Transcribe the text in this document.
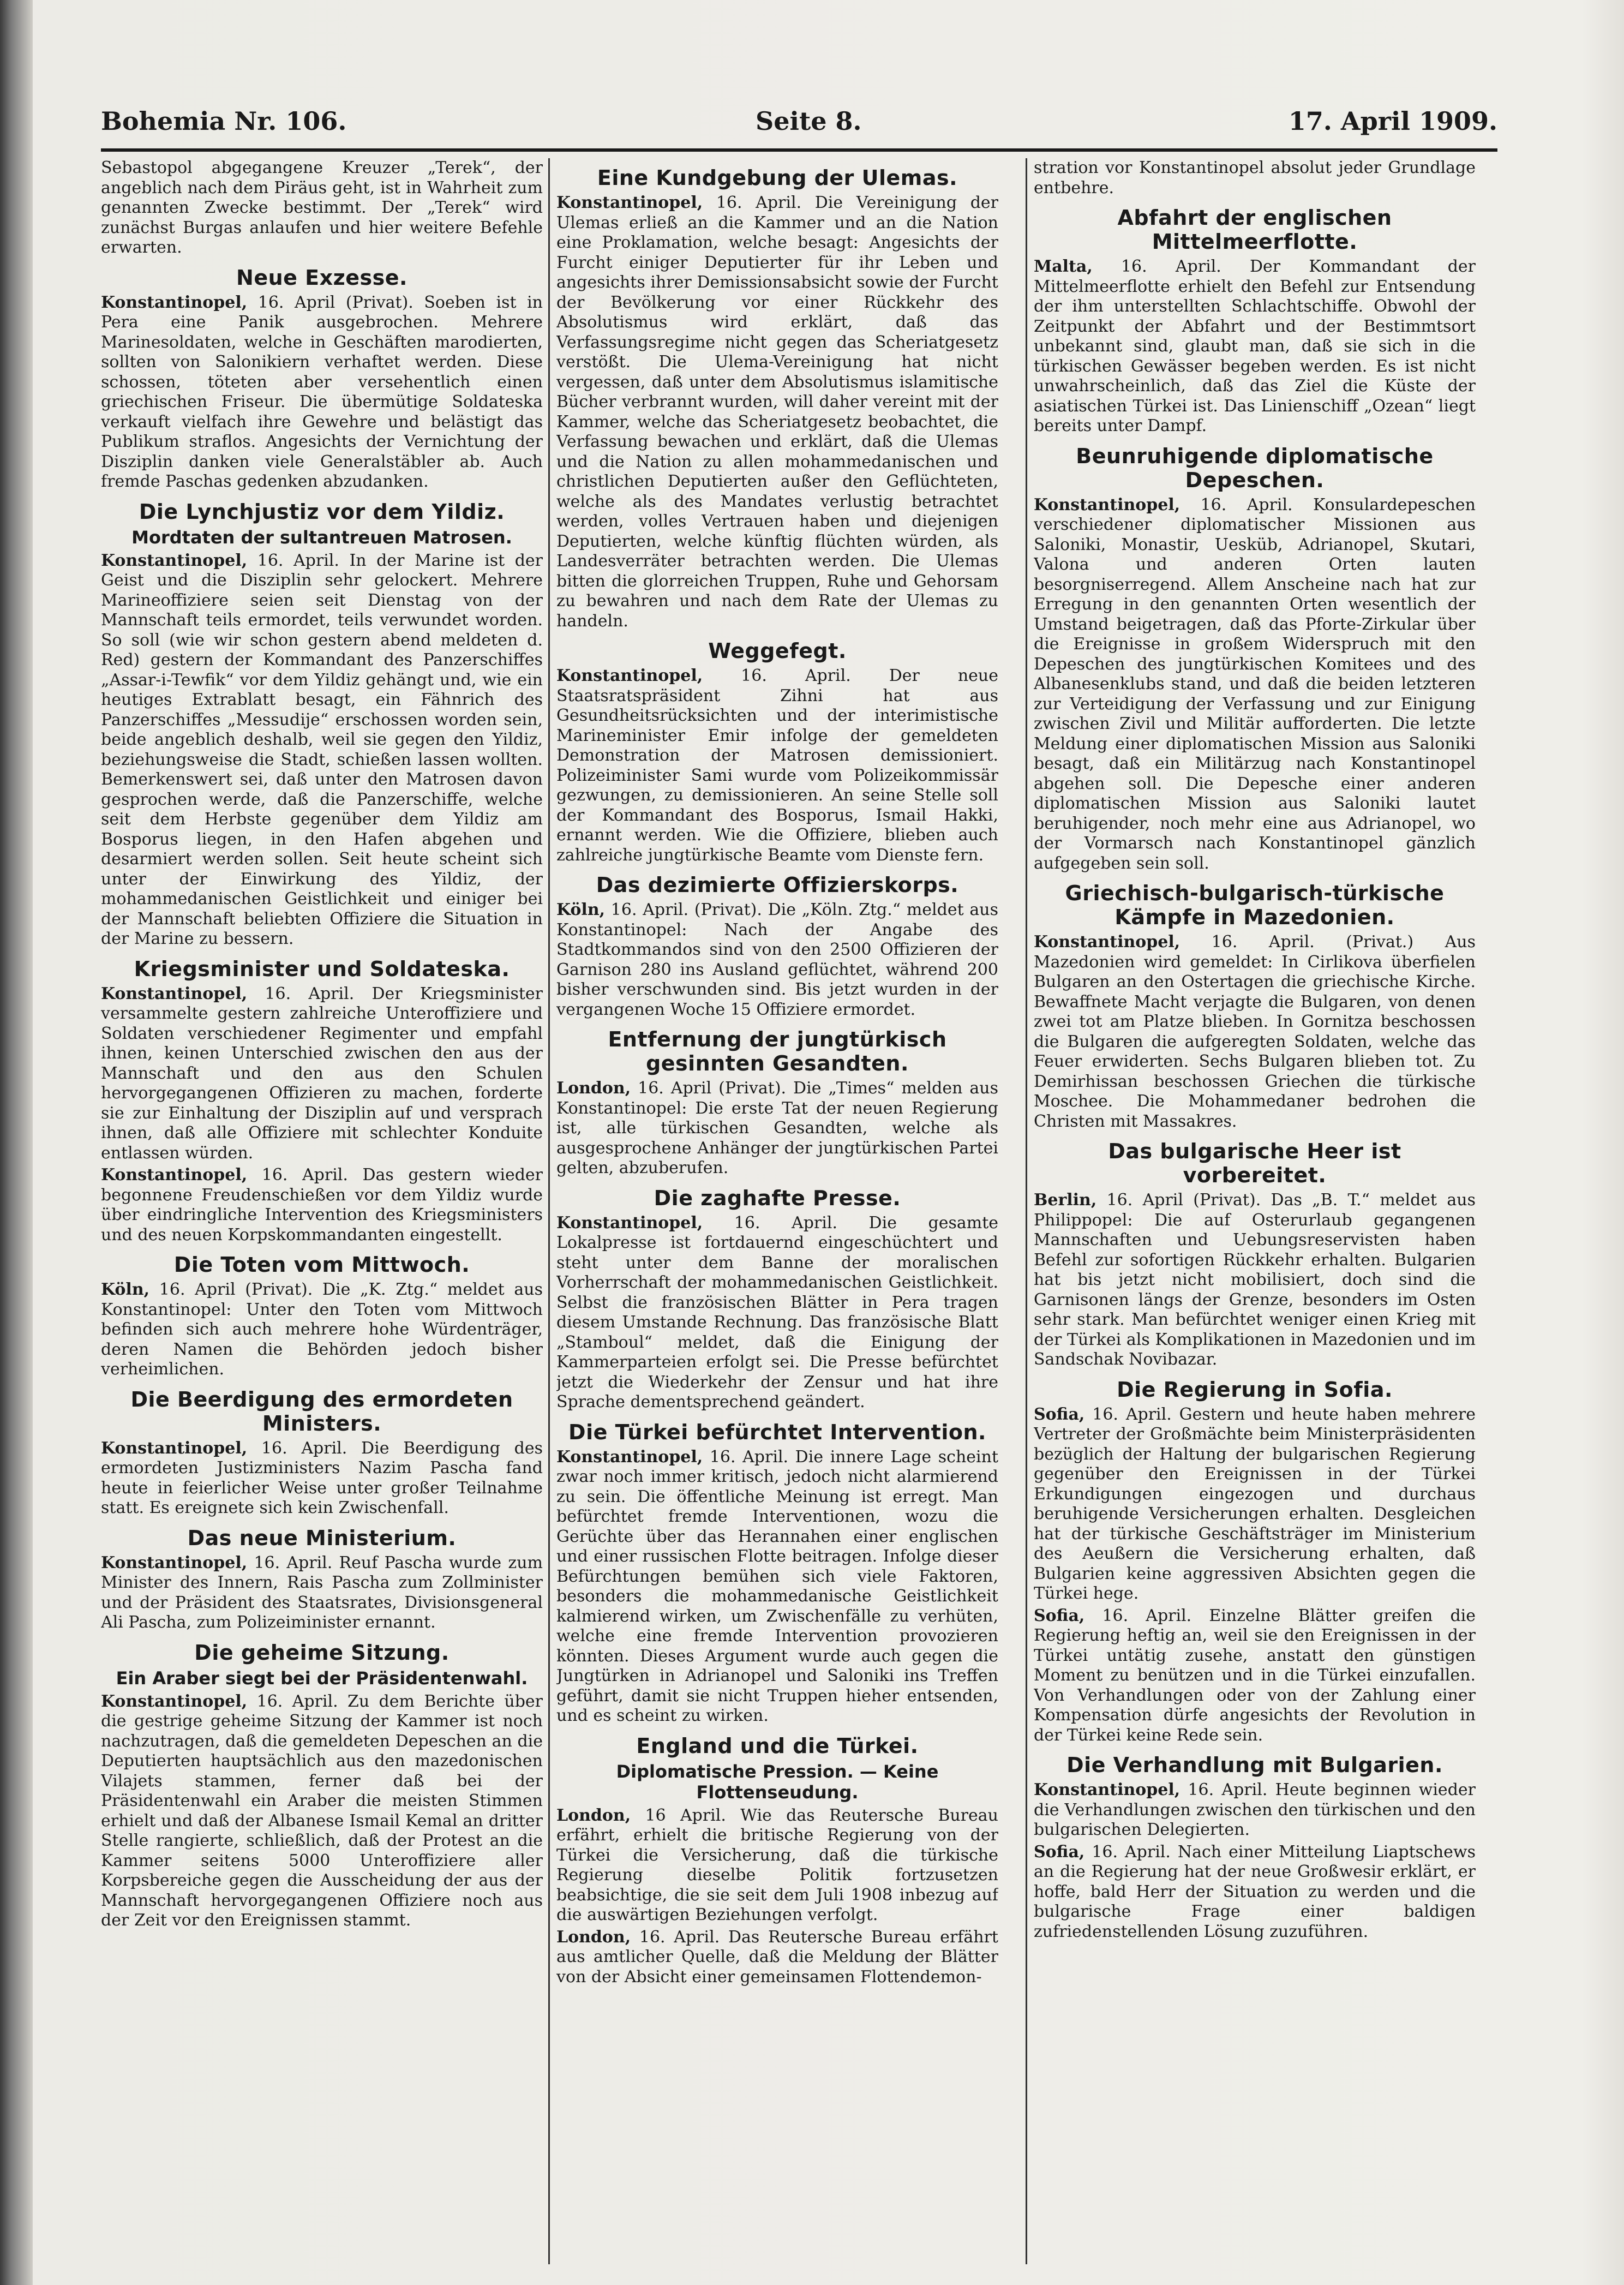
Bohemia Nr. 106.	Seite 8.	17. April 1909.

Sebastopol abgegangene Kreuzer „Terek“, der angeblich nach dem Piräus geht, ist in Wahrheit zum genannten Zwecke bestimmt. Der „Terek“ wird zunächst Burgas anlaufen und hier weitere Befehle erwarten.

Neue Exzesse.

Konstantinopel, 16. April (Privat). Soeben ist in Pera eine Panik ausgebrochen. Mehrere Marinesoldaten, welche in Geschäften marodierten, sollten von Salonikiern verhaftet werden. Diese schossen, töteten aber versehentlich einen griechischen Friseur. Die übermütige Soldateska verkauft vielfach ihre Gewehre und belästigt das Publikum straflos. Angesichts der Vernichtung der Disziplin danken viele Generalstäbler ab. Auch fremde Paschas gedenken abzudanken.

Die Lynchjustiz vor dem Yildiz.
Mordtaten der sultantreuen Matrosen.

Konstantinopel, 16. April. In der Marine ist der Geist und die Disziplin sehr gelockert. Mehrere Marineoffiziere seien seit Dienstag von der Mannschaft teils ermordet, teils verwundet worden. So soll (wie wir schon gestern abend meldeten d. Red) gestern der Kommandant des Panzerschiffes „Assar-i-Tewfik“ vor dem Yildiz gehängt und, wie ein heutiges Extrablatt besagt, ein Fähnrich des Panzerschiffes „Messudije“ erschossen worden sein, beide angeblich deshalb, weil sie gegen den Yildiz, beziehungsweise die Stadt, schießen lassen wollten. Bemerkenswert sei, daß unter den Matrosen davon gesprochen werde, daß die Panzerschiffe, welche seit dem Herbste gegenüber dem Yildiz am Bosporus liegen, in den Hafen abgehen und desarmiert werden sollen. Seit heute scheint sich unter der Einwirkung des Yildiz, der mohammedanischen Geistlichkeit und einiger bei der Mannschaft beliebten Offiziere die Situation in der Marine zu bessern.

Kriegsminister und Soldateska.

Konstantinopel, 16. April. Der Kriegsminister versammelte gestern zahlreiche Unteroffiziere und Soldaten verschiedener Regimenter und empfahl ihnen, keinen Unterschied zwischen den aus der Mannschaft und den aus den Schulen hervorgegangenen Offizieren zu machen, forderte sie zur Einhaltung der Disziplin auf und versprach ihnen, daß alle Offiziere mit schlechter Konduite entlassen würden.

Konstantinopel, 16. April. Das gestern wieder begonnene Freudenschießen vor dem Yildiz wurde über eindringliche Intervention des Kriegsministers und des neuen Korpskommandanten eingestellt.

Die Toten vom Mittwoch.

Köln, 16. April (Privat). Die „K. Ztg.“ meldet aus Konstantinopel: Unter den Toten vom Mittwoch befinden sich auch mehrere hohe Würdenträger, deren Namen die Behörden jedoch bisher verheimlichen.

Die Beerdigung des ermordeten Ministers.

Konstantinopel, 16. April. Die Beerdigung des ermordeten Justizministers Nazim Pascha fand heute in feierlicher Weise unter großer Teilnahme statt. Es ereignete sich kein Zwischenfall.

Das neue Ministerium.

Konstantinopel, 16. April. Reuf Pascha wurde zum Minister des Innern, Rais Pascha zum Zollminister und der Präsident des Staatsrates, Divisionsgeneral Ali Pascha, zum Polizeiminister ernannt.

Die geheime Sitzung.
Ein Araber siegt bei der Präsidentenwahl.

Konstantinopel, 16. April. Zu dem Berichte über die gestrige geheime Sitzung der Kammer ist noch nachzutragen, daß die gemeldeten Depeschen an die Deputierten hauptsächlich aus den mazedonischen Vilajets stammen, ferner daß bei der Präsidentenwahl ein Araber die meisten Stimmen erhielt und daß der Albanese Ismail Kemal an dritter Stelle rangierte, schließlich, daß der Protest an die Kammer seitens 5000 Unteroffiziere aller Korpsbereiche gegen die Ausscheidung der aus der Mannschaft hervorgegangenen Offiziere noch aus der Zeit vor den Ereignissen stammt.

Eine Kundgebung der Ulemas.

Konstantinopel, 16. April. Die Vereinigung der Ulemas erließ an die Kammer und an die Nation eine Proklamation, welche besagt: Angesichts der Furcht einiger Deputierter für ihr Leben und angesichts ihrer Demissionsabsicht sowie der Furcht der Bevölkerung vor einer Rückkehr des Absolutismus wird erklärt, daß das Verfassungsregime nicht gegen das Scheriatgesetz verstößt. Die Ulema-Vereinigung hat nicht vergessen, daß unter dem Absolutismus islamitische Bücher verbrannt wurden, will daher vereint mit der Kammer, welche das Scheriatgesetz beobachtet, die Verfassung bewachen und erklärt, daß die Ulemas und die Nation zu allen mohammedanischen und christlichen Deputierten außer den Geflüchteten, welche als des Mandates verlustig betrachtet werden, volles Vertrauen haben und diejenigen Deputierten, welche künftig flüchten würden, als Landesverräter betrachten werden. Die Ulemas bitten die glorreichen Truppen, Ruhe und Gehorsam zu bewahren und nach dem Rate der Ulemas zu handeln.

Weggefegt.

Konstantinopel, 16. April. Der neue Staatsratspräsident Zihni hat aus Gesundheitsrücksichten und der interimistische Marineminister Emir infolge der gemeldeten Demonstration der Matrosen demissioniert. Polizeiminister Sami wurde vom Polizeikommissär gezwungen, zu demissionieren. An seine Stelle soll der Kommandant des Bosporus, Ismail Hakki, ernannt werden. Wie die Offiziere, blieben auch zahlreiche jungtürkische Beamte vom Dienste fern.

Das dezimierte Offizierskorps.

Köln, 16. April. (Privat). Die „Köln. Ztg.“ meldet aus Konstantinopel: Nach der Angabe des Stadtkommandos sind von den 2500 Offizieren der Garnison 280 ins Ausland geflüchtet, während 200 bisher verschwunden sind. Bis jetzt wurden in der vergangenen Woche 15 Offiziere ermordet.

Entfernung der jungtürkisch gesinnten Gesandten.

London, 16. April (Privat). Die „Times“ melden aus Konstantinopel: Die erste Tat der neuen Regierung ist, alle türkischen Gesandten, welche als ausgesprochene Anhänger der jungtürkischen Partei gelten, abzuberufen.

Die zaghafte Presse.

Konstantinopel, 16. April. Die gesamte Lokalpresse ist fortdauernd eingeschüchtert und steht unter dem Banne der moralischen Vorherrschaft der mohammedanischen Geistlichkeit. Selbst die französischen Blätter in Pera tragen diesem Umstande Rechnung. Das französische Blatt „Stamboul“ meldet, daß die Einigung der Kammerparteien erfolgt sei. Die Presse befürchtet jetzt die Wiederkehr der Zensur und hat ihre Sprache dementsprechend geändert.

Die Türkei befürchtet Intervention.

Konstantinopel, 16. April. Die innere Lage scheint zwar noch immer kritisch, jedoch nicht alarmierend zu sein. Die öffentliche Meinung ist erregt. Man befürchtet fremde Interventionen, wozu die Gerüchte über das Herannahen einer englischen und einer russischen Flotte beitragen. Infolge dieser Befürchtungen bemühen sich viele Faktoren, besonders die mohammedanische Geistlichkeit kalmierend wirken, um Zwischenfälle zu verhüten, welche eine fremde Intervention provozieren könnten. Dieses Argument wurde auch gegen die Jungtürken in Adrianopel und Saloniki ins Treffen geführt, damit sie nicht Truppen hieher entsenden, und es scheint zu wirken.

England und die Türkei.
Diplomatische Pression. — Keine Flottenseudung.

London, 16 April. Wie das Reutersche Bureau erfährt, erhielt die britische Regierung von der Türkei die Versicherung, daß die türkische Regierung dieselbe Politik fortzusetzen beabsichtige, die sie seit dem Juli 1908 inbezug auf die auswärtigen Beziehungen verfolgt.

London, 16. April. Das Reutersche Bureau erfährt aus amtlicher Quelle, daß die Meldung der Blätter von der Absicht einer gemeinsamen Flottendemon-

stration vor Konstantinopel absolut jeder Grundlage entbehre.

Abfahrt der englischen Mittelmeerflotte.

Malta, 16. April. Der Kommandant der Mittelmeerflotte erhielt den Befehl zur Entsendung der ihm unterstellten Schlachtschiffe. Obwohl der Zeitpunkt der Abfahrt und der Bestimmtsort unbekannt sind, glaubt man, daß sie sich in die türkischen Gewässer begeben werden. Es ist nicht unwahrscheinlich, daß das Ziel die Küste der asiatischen Türkei ist. Das Linienschiff „Ozean“ liegt bereits unter Dampf.

Beunruhigende diplomatische Depeschen.

Konstantinopel, 16. April. Konsulardepeschen verschiedener diplomatischer Missionen aus Saloniki, Monastir, Uesküb, Adrianopel, Skutari, Valona und anderen Orten lauten besorgniserregend. Allem Anscheine nach hat zur Erregung in den genannten Orten wesentlich der Umstand beigetragen, daß das Pforte-Zirkular über die Ereignisse in großem Widerspruch mit den Depeschen des jungtürkischen Komitees und des Albanesenklubs stand, und daß die beiden letzteren zur Verteidigung der Verfassung und zur Einigung zwischen Zivil und Militär aufforderten. Die letzte Meldung einer diplomatischen Mission aus Saloniki besagt, daß ein Militärzug nach Konstantinopel abgehen soll. Die Depesche einer anderen diplomatischen Mission aus Saloniki lautet beruhigender, noch mehr eine aus Adrianopel, wo der Vormarsch nach Konstantinopel gänzlich aufgegeben sein soll.

Griechisch-bulgarisch-türkische Kämpfe in Mazedonien.

Konstantinopel, 16. April. (Privat.) Aus Mazedonien wird gemeldet: In Cirlikova überfielen Bulgaren an den Ostertagen die griechische Kirche. Bewaffnete Macht verjagte die Bulgaren, von denen zwei tot am Platze blieben. In Gornitza beschossen die Bulgaren die aufgeregten Soldaten, welche das Feuer erwiderten. Sechs Bulgaren blieben tot. Zu Demirhissan beschossen Griechen die türkische Moschee. Die Mohammedaner bedrohen die Christen mit Massakres.

Das bulgarische Heer ist vorbereitet.

Berlin, 16. April (Privat). Das „B. T.“ meldet aus Philippopel: Die auf Osterurlaub gegangenen Mannschaften und Uebungsreservisten haben Befehl zur sofortigen Rückkehr erhalten. Bulgarien hat bis jetzt nicht mobilisiert, doch sind die Garnisonen längs der Grenze, besonders im Osten sehr stark. Man befürchtet weniger einen Krieg mit der Türkei als Komplikationen in Mazedonien und im Sandschak Novibazar.

Die Regierung in Sofia.

Sofia, 16. April. Gestern und heute haben mehrere Vertreter der Großmächte beim Ministerpräsidenten bezüglich der Haltung der bulgarischen Regierung gegenüber den Ereignissen in der Türkei Erkundigungen eingezogen und durchaus beruhigende Versicherungen erhalten. Desgleichen hat der türkische Geschäftsträger im Ministerium des Aeußern die Versicherung erhalten, daß Bulgarien keine aggressiven Absichten gegen die Türkei hege.

Sofia, 16. April. Einzelne Blätter greifen die Regierung heftig an, weil sie den Ereignissen in der Türkei untätig zusehe, anstatt den günstigen Moment zu benützen und in die Türkei einzufallen. Von Verhandlungen oder von der Zahlung einer Kompensation dürfe angesichts der Revolution in der Türkei keine Rede sein.

Die Verhandlung mit Bulgarien.

Konstantinopel, 16. April. Heute beginnen wieder die Verhandlungen zwischen den türkischen und den bulgarischen Delegierten.

Sofia, 16. April. Nach einer Mitteilung Liaptschews an die Regierung hat der neue Großwesir erklärt, er hoffe, bald Herr der Situation zu werden und die bulgarische Frage einer baldigen zufriedenstellenden Lösung zuzuführen.
